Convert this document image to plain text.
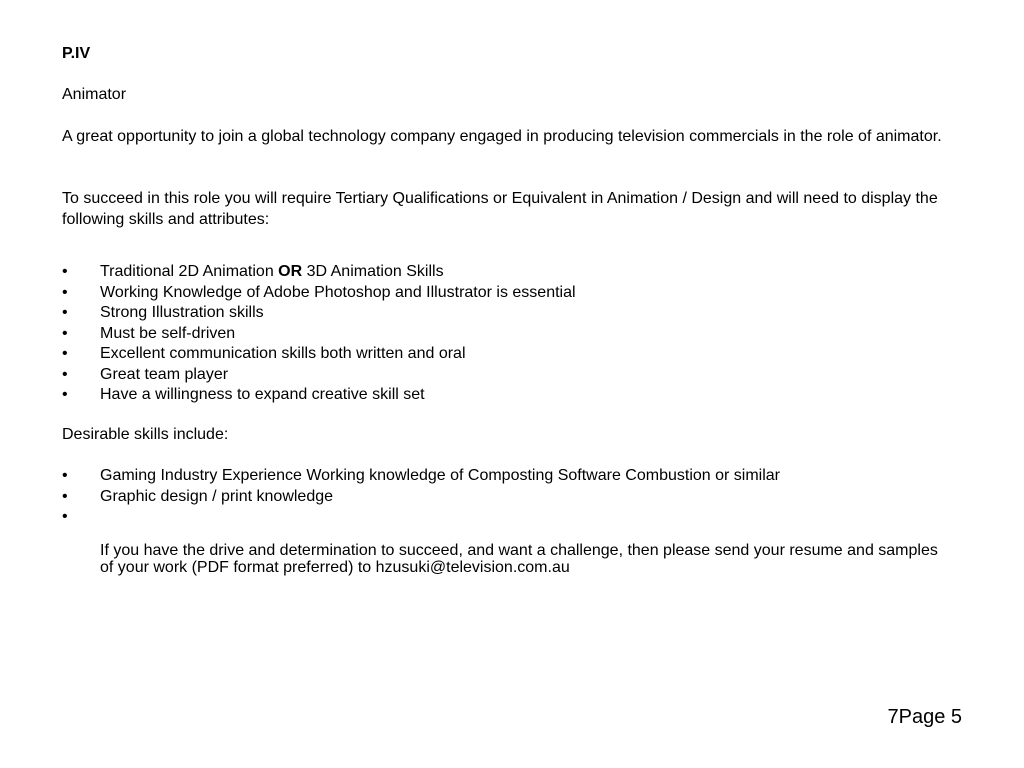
P.IV
Animator
A great opportunity to join a global technology company engaged in producing television commercials in the role of animator.
To succeed in this role you will require Tertiary Qualifications or Equivalent in Animation / Design and will need to display the following skills and attributes:
• Traditional 2D Animation OR 3D Animation Skills
• Working Knowledge of Adobe Photoshop and Illustrator is essential
• Strong Illustration skills
• Must be self-driven
• Excellent communication skills both written and oral
• Great team player
• Have a willingness to expand creative skill set
Desirable skills include:
• Gaming Industry Experience Working knowledge of Composting Software Combustion or similar
• Graphic design / print knowledge
•
If you have the drive and determination to succeed, and want a challenge, then please send your resume and samples of your work (PDF format preferred) to hzusuki@television.com.au
7Page 5
